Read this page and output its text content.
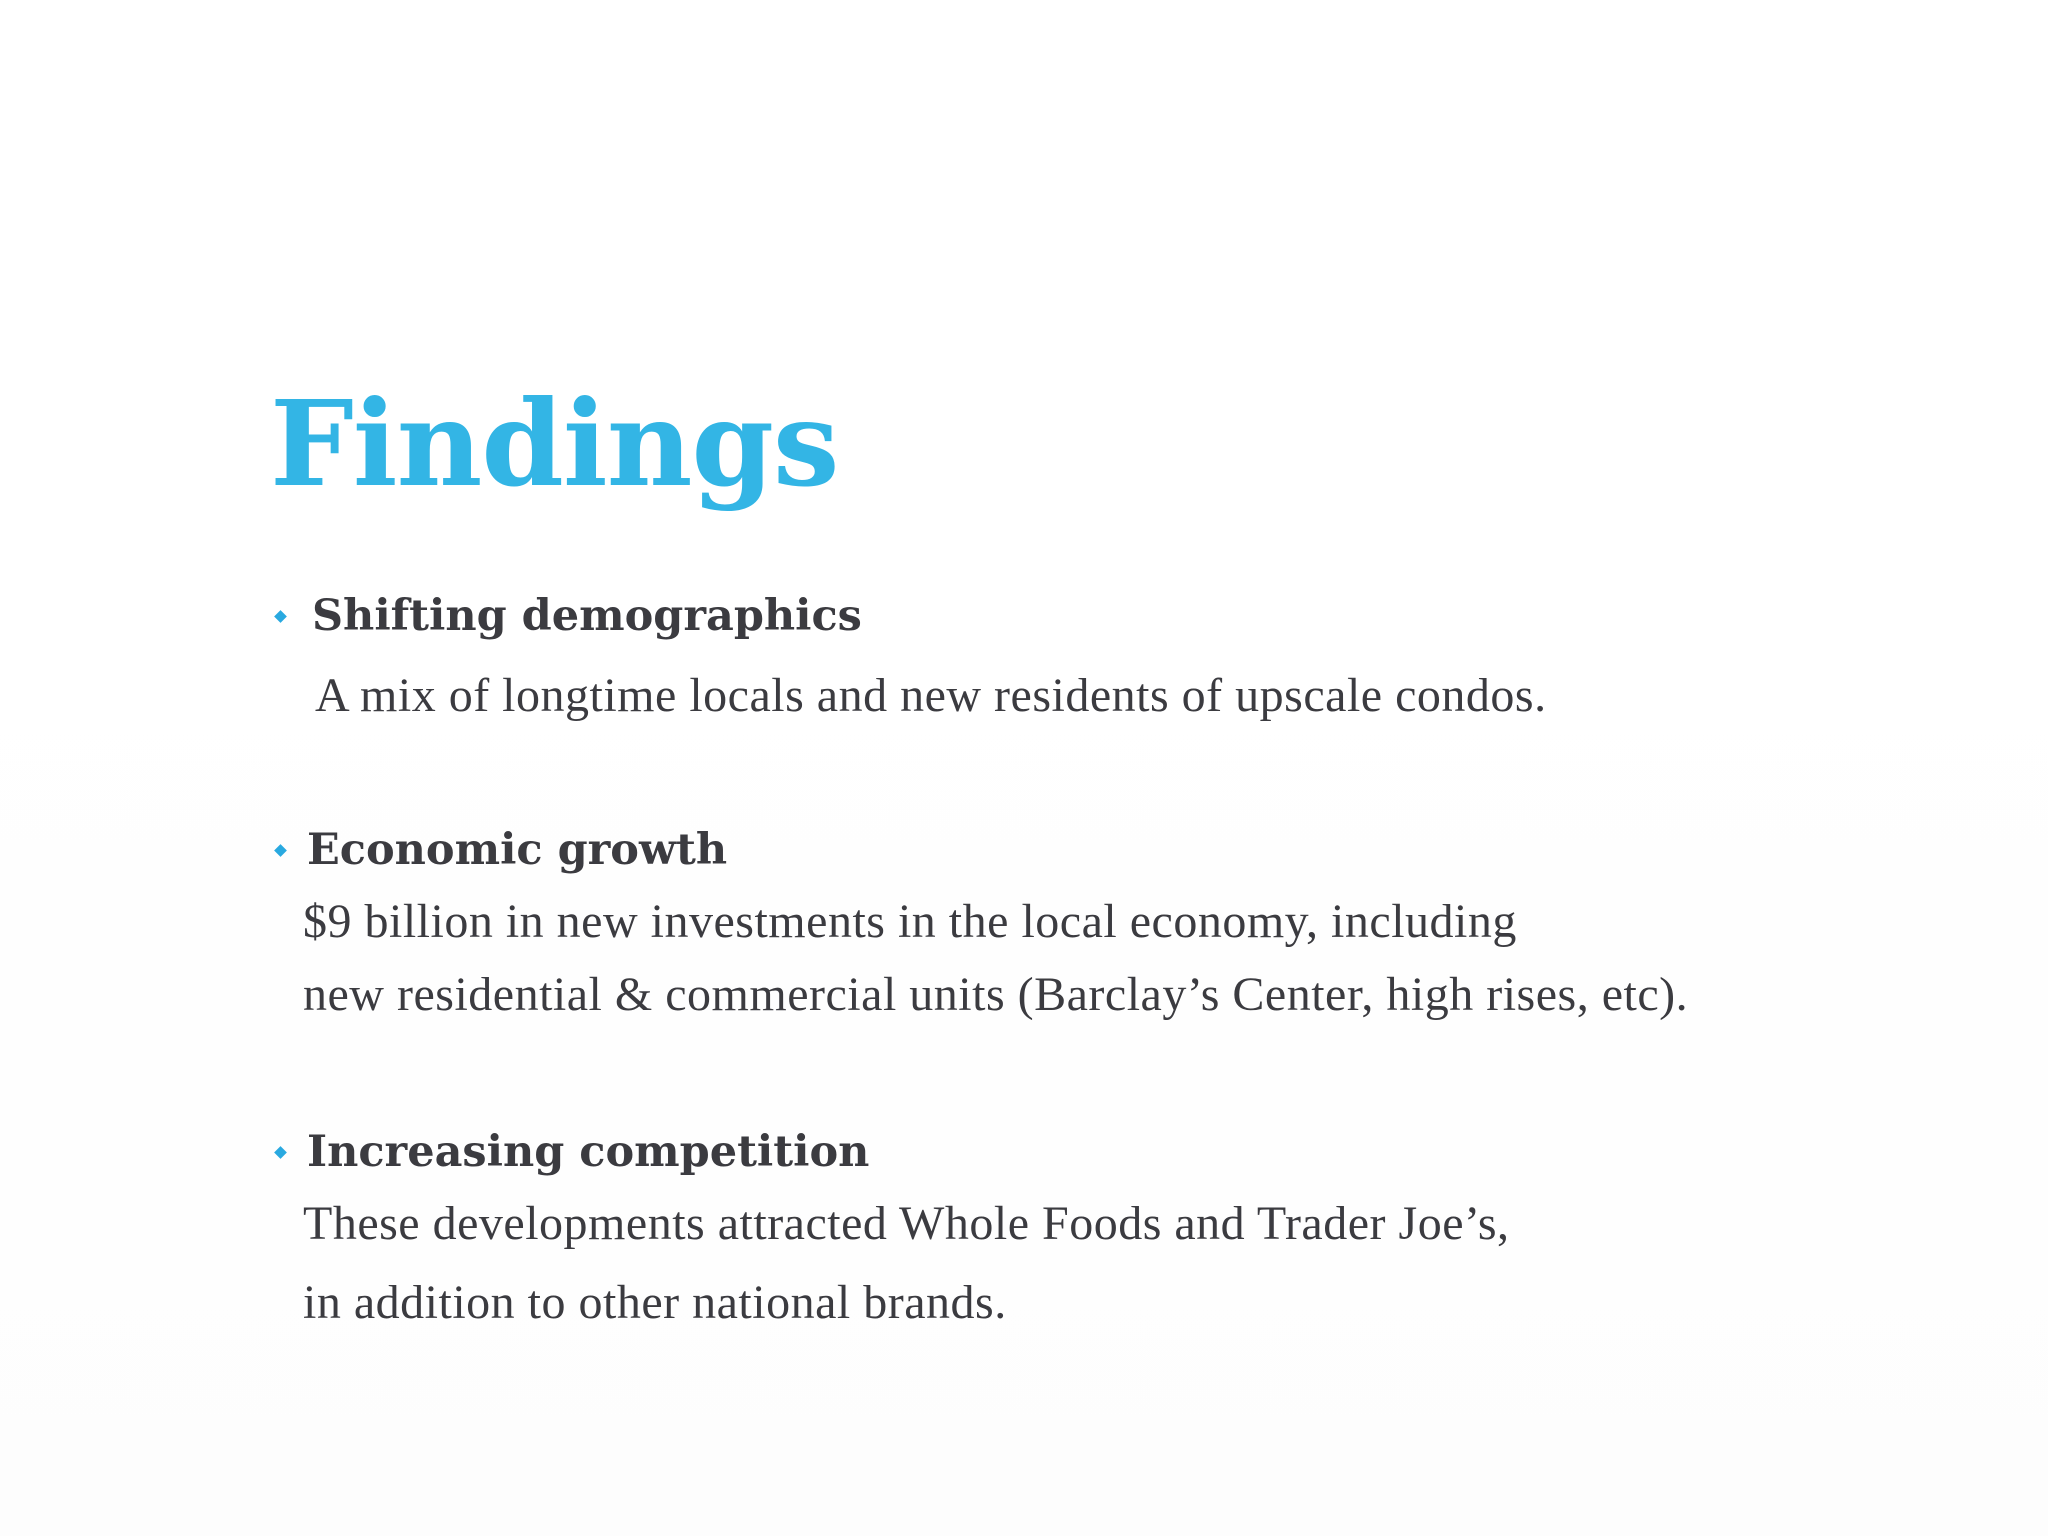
Findings
Shifting demographics
A mix of longtime locals and new residents of upscale condos.
Economic growth
$9 billion in new investments in the local economy, including
new residential & commercial units (Barclay’s Center, high rises, etc).
Increasing competition
These developments attracted Whole Foods and Trader Joe’s,
in addition to other national brands.
